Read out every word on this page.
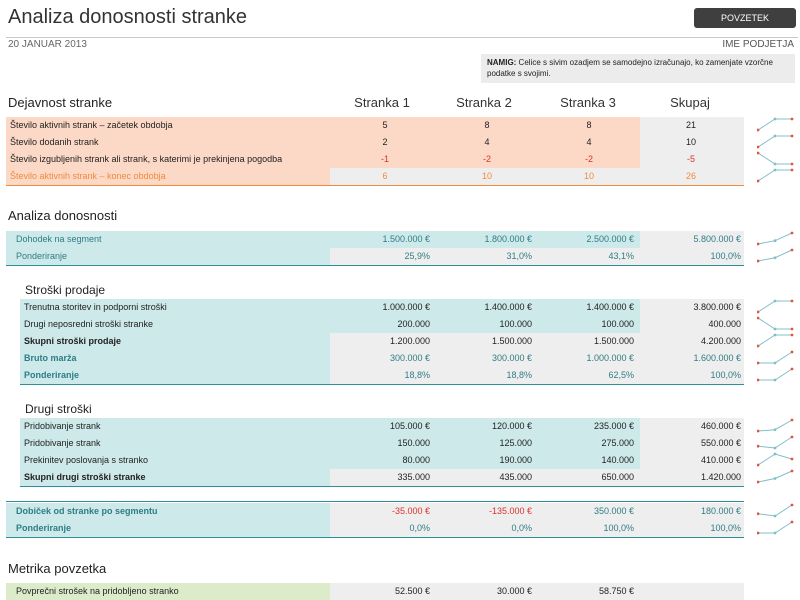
Analiza donosnosti stranke	POVZETEK
20 JANUAR 2013	IME PODJETJA
NAMIG: Celice s sivim ozadjem se samodejno izračunajo, ko zamenjate vzorčne podatke s svojimi.
Dejavnost stranke	Stranka 1	Stranka 2	Stranka 3	Skupaj
Število aktivnih strank – začetek obdobja	5	8	8	21
Število dodanih strank	2	4	4	10
Število izgubljenih strank ali strank, s katerimi je prekinjena pogodba	-1	-2	-2	-5
Število aktivnih strank – konec obdobja	6	10	10	26
Analiza donosnosti
Dohodek na segment	1.500.000 €	1.800.000 €	2.500.000 €	5.800.000 €
Ponderiranje	25,9%	31,0%	43,1%	100,0%
Stroški prodaje
Trenutna storitev in podporni stroški	1.000.000 €	1.400.000 €	1.400.000 €	3.800.000 €
Drugi neposredni stroški stranke	200.000	100.000	100.000	400.000
Skupni stroški prodaje	1.200.000	1.500.000	1.500.000	4.200.000
Bruto marža	300.000 €	300.000 €	1.000.000 €	1.600.000 €
Ponderiranje	18,8%	18,8%	62,5%	100,0%
Drugi stroški
Pridobivanje strank	105.000 €	120.000 €	235.000 €	460.000 €
Pridobivanje strank	150.000	125.000	275.000	550.000 €
Prekinitev poslovanja s stranko	80.000	190.000	140.000	410.000 €
Skupni drugi stroški stranke	335.000	435.000	650.000	1.420.000
Dobiček od stranke po segmentu	-35.000 €	-135.000 €	350.000 €	180.000 €
Ponderiranje	0,0%	0,0%	100,0%	100,0%
Metrika povzetka
Povprečni strošek na pridobljeno stranko	52.500 €	30.000 €	58.750 €
